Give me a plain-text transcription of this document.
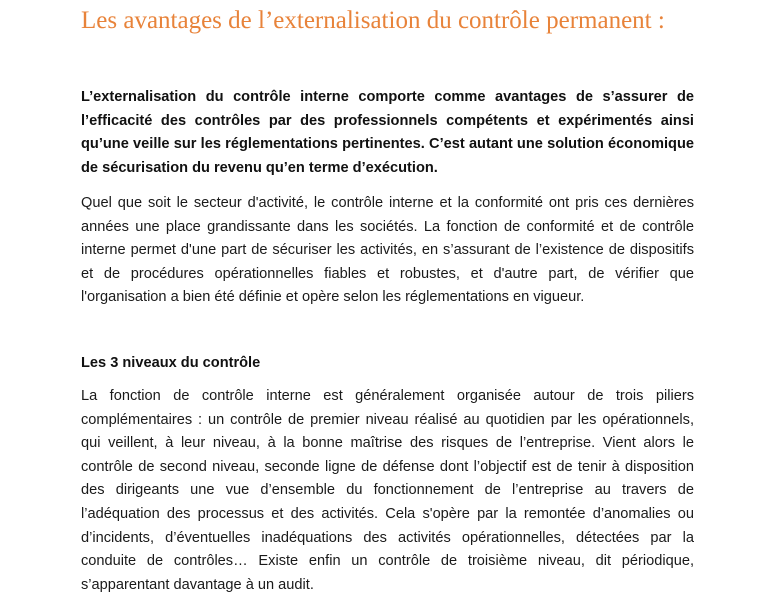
Les avantages de l’externalisation du contrôle permanent :

L’externalisation du contrôle interne comporte comme avantages de s’assurer de l’efficacité des contrôles par des professionnels compétents et expérimentés ainsi qu’une veille sur les réglementations pertinentes. C’est autant une solution économique de sécurisation du revenu qu’en terme d’exécution.

Quel que soit le secteur d'activité, le contrôle interne et la conformité ont pris ces dernières années une place grandissante dans les sociétés. La fonction de conformité et de contrôle interne permet d'une part de sécuriser les activités, en s’assurant de l’existence de dispositifs et de procédures opérationnelles fiables et robustes, et d'autre part, de vérifier que l'organisation a bien été définie et opère selon les réglementations en vigueur.

Les 3 niveaux du contrôle

La fonction de contrôle interne est généralement organisée autour de trois piliers complémentaires : un contrôle de premier niveau réalisé au quotidien par les opérationnels, qui veillent, à leur niveau, à la bonne maîtrise des risques de l’entreprise. Vient alors le contrôle de second niveau, seconde ligne de défense dont l’objectif est de tenir à disposition des dirigeants une vue d’ensemble du fonctionnement de l’entreprise au travers de l’adéquation des processus et des activités. Cela s'opère par la remontée d’anomalies ou d’incidents, d’éventuelles inadéquations des activités opérationnelles, détectées par la conduite de contrôles… Existe enfin un contrôle de troisième niveau, dit périodique, s’apparentant davantage à un audit.
